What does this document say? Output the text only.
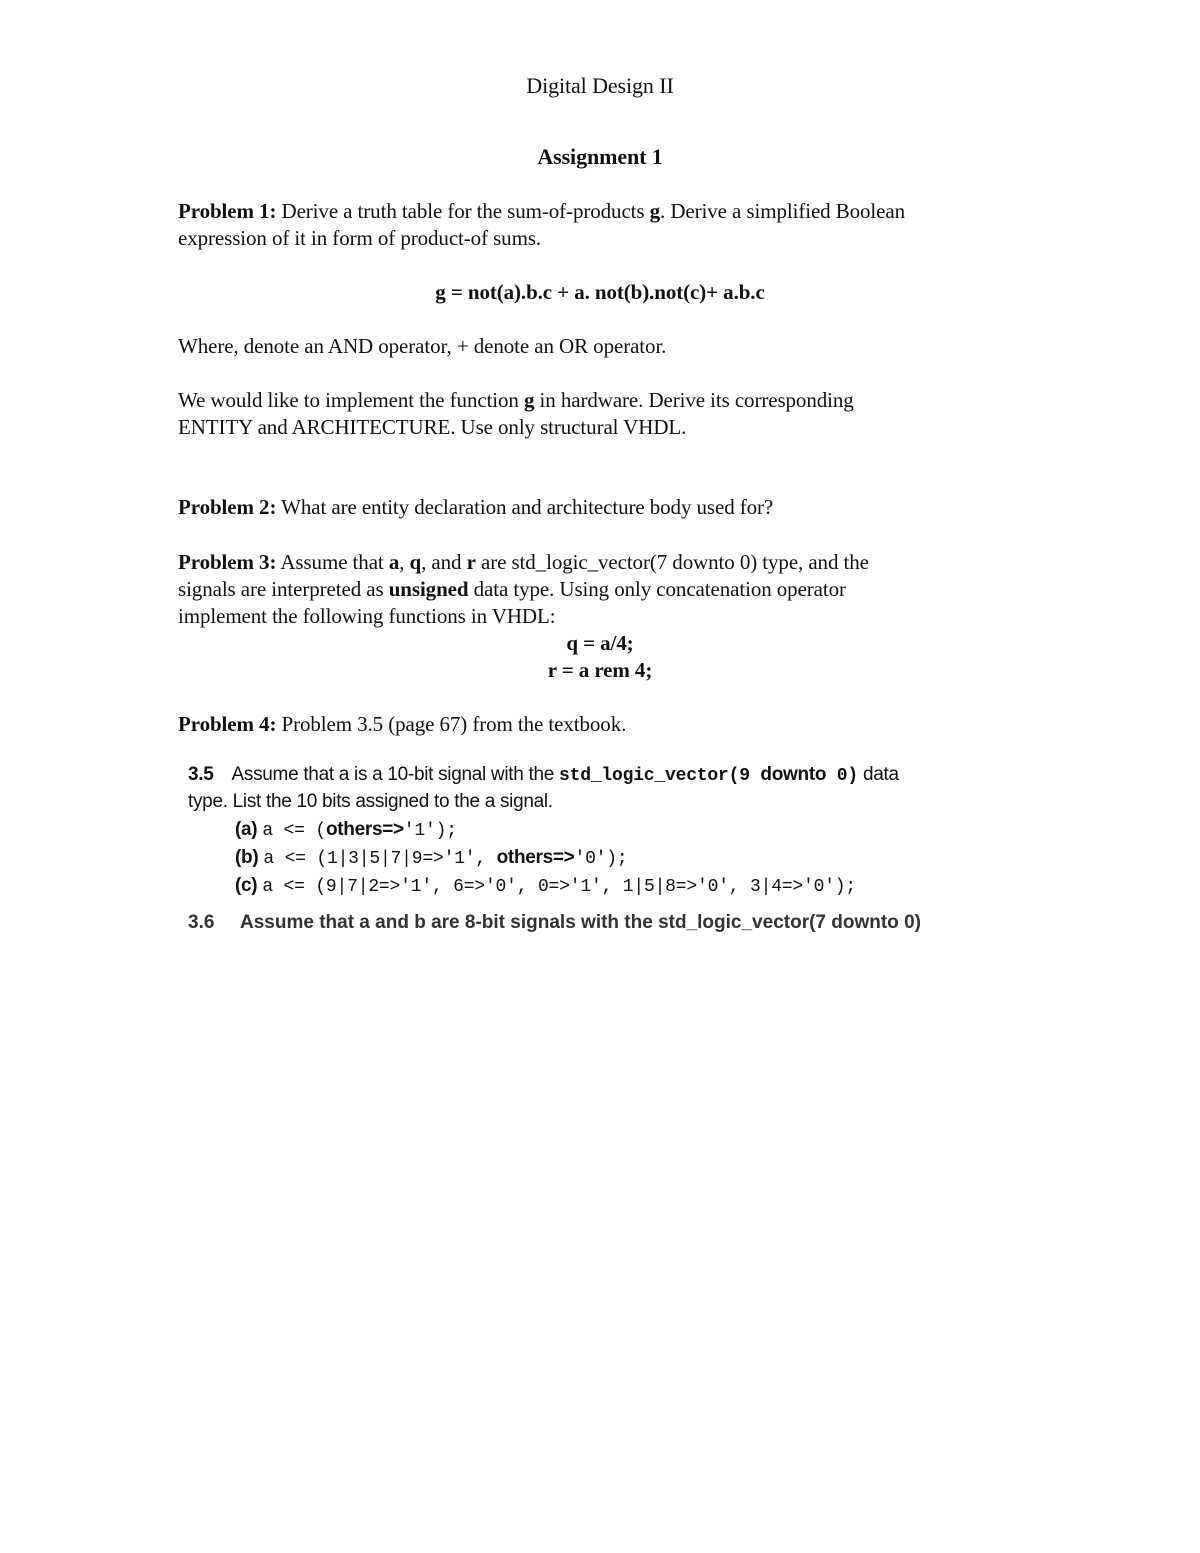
Digital Design II
Assignment 1
Problem 1: Derive a truth table for the sum-of-products g. Derive a simplified Boolean
expression of it in form of product-of sums.
g = not(a).b.c + a. not(b).not(c)+ a.b.c
Where, denote an AND operator, + denote an OR operator.
We would like to implement the function g in hardware. Derive its corresponding
ENTITY and ARCHITECTURE. Use only structural VHDL.
Problem 2: What are entity declaration and architecture body used for?
Problem 3: Assume that a, q, and r are std_logic_vector(7 downto 0) type, and the
signals are interpreted as unsigned data type. Using only concatenation operator
implement the following functions in VHDL:
q = a/4;
r = a rem 4;
Problem 4: Problem 3.5 (page 67) from the textbook.
3.5 Assume that a is a 10-bit signal with the std_logic_vector(9 downto 0) data
type. List the 10 bits assigned to the a signal.
(a) a <= (others=>'1');
(b) a <= (1|3|5|7|9=>'1', others=>'0');
(c) a <= (9|7|2=>'1', 6=>'0', 0=>'1', 1|5|8=>'0', 3|4=>'0');
3.6 Assume that a and b are 8-bit signals with the std_logic_vector(7 downto 0)
